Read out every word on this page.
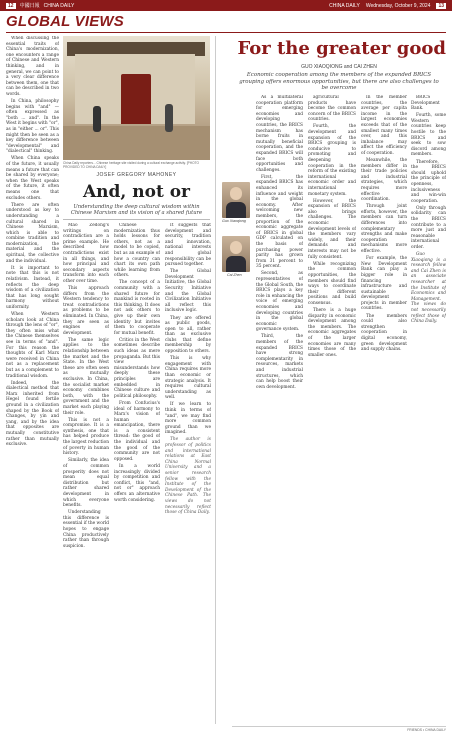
12	中國日報 CHINA DAILY	CHINA DAILY Wednesday, October 9, 2024	13
GLOBAL VIEWS

When discussing the essential traits of China's modernization, one encounters a range of Chinese and Western thinking, and in general, we can point to a very clear difference between them, one that can be described in two words.

In China, philosophy begins with "and" — often expressed as "both ... and". In the West it begins with "or", as in "either ... or". This might then be seen as a key difference between "developmental" and "dialectical" thinking.

When China speaks of the future, it usually means a future that can be shared by everyone; when the West speaks of the future, it often means one that excludes others.

There are often understood as key to understanding a cultural shared in Chinese Marxism, which is able to combine tradition and modernization, the material and the spiritual, the collective and the individual.

It is important to note that this is not relativism. Instead, it reflects the deep wisdom of a civilization that has long sought harmony without uniformity.

When Western scholars look at China through the lens of "or", they often miss what the Chinese themselves see in terms of "and". For this reason the thoughts of Karl Marx were received in China not as a replacement but as a complement to traditional wisdom.

Indeed, the dialectical method that Marx inherited from Hegel found fertile ground in a civilization shaped by the Book of Changes, by yin and yang, and by the idea that opposites are mutually constitutive rather than mutually exclusive.

China Daily reporters... Chinese heritage site visited during a cultural exchange activity. [PHOTO PROVIDED TO CHINA DAILY]
JOSEF GREGORY MAHONEY
And, not or
Understanding the deep cultural wisdom within Chinese Marxism and its vision of a shared future

Mao Zedong's writings on contradiction are a prime example. He described how contradictions exist in all things, and how principal and secondary aspects transform into each other over time.

This approach differs from the Western tendency to treat contradictions as problems to be eliminated. In China, they are seen as engines of development.

The same logic applies to the relationship between the market and the State. In the West these are often seen as mutually exclusive. In China, the socialist market economy combines both, with the government and the market each playing their role.

This is not a compromise. It is a synthesis, one that has helped produce the largest reduction of poverty in human history.

Similarly, the idea of common prosperity does not mean equal distribution but rather shared development in which everyone benefits.

Understanding this difference is essential if the world hopes to engage China productively rather than through suspicion.

Chinese modernization thus holds lessons for others, not as a model to be copied, but as an example of how a country can chart its own path while learning from others.

The concept of a community with a shared future for mankind is rooted in this thinking. It does not ask others to give up their own identity but invites them to cooperate for mutual benefit.

Critics in the West sometimes describe such ideas as mere propaganda. But this view misunderstands how deeply these principles are embedded in Chinese culture and political philosophy.

From Confucius's ideal of harmony to Marx's vision of human emancipation, there is a consistent thread: the good of the individual and the good of the community are not opposed.

In a world increasingly divided by competition and conflict, this "and, not or" approach offers an alternative worth considering.

It suggests that development and security, tradition and innovation, national interests and global responsibility can be pursued together.

The Global Development Initiative, the Global Security Initiative and the Global Civilization Initiative all reflect this inclusive logic.

They are offered as public goods, open to all, rather than as exclusive clubs that define membership by opposition to others.

This is why engagement with China requires more than economic or strategic analysis. It requires cultural understanding as well.

If we learn to think in terms of "and", we may find more common ground than we imagined.

The author is professor of politics and international relations at East China Normal University and a senior research fellow with the Institute of the Development of the Chinese Path. The views do not necessarily reflect those of China Daily.

For the greater good
GUO XIAOQIONG and CAI ZHEN
Economic cooperation among the members of the expanded BRICS grouping offers enormous opportunities, but there are also challenges to be overcome
Guo Xiaoqiong
Cai Zhen

As a multilateral cooperation platform for emerging economies and developing countries, the BRICS mechanism has borne fruits in mutually beneficial cooperation, and the expanded BRICS will face both opportunities and challenges.

First, the expanded BRICS has enhanced its influence and weight in the global economy. After welcoming new members, the proportion of the economic aggregate of BRICS in global GDP calculated on the basis of purchasing power parity has grown from 31 percent to 35 percent.

Second, as representatives of the Global South, the BRICS plays a key role in enhancing the voice of emerging economies and developing countries in the global economic governance system.

Third, the members of the expanded BRICS have strong complementarity in resources, markets and industrial structures, which can help boost their own development.

agricultural products have become the common concern of the BRICS countries.

Fourth, the development and expansion of the BRICS grouping is conducive to promoting and deepening cooperation in the reform of the existing international economic order and international monetary system.

However, the expansion of BRICS also brings challenges. The economic development levels of the members vary widely, and their demands and interests may not be fully consistent.

While recognizing the common opportunities, the members should find ways to coordinate their different positions and build consensus.

There is a huge disparity in economic development among the members. The economic aggregates of the larger economies are many times those of the smaller ones.

In the member countries, the average per capita income in the largest economies exceeds that of the smallest many times over, and this imbalance may affect the efficiency of cooperation.

Meanwhile, the members differ in their trade policies and industrial strategies, which requires more effective coordination.

Through joint efforts, however, the members can turn differences into complementary strengths and make cooperation mechanisms more effective.

For example, the New Development Bank can play a bigger role in financing infrastructure and sustainable development projects in member countries.

The members could also strengthen cooperation in digital economy, green development and supply chains.

BRICS Development Bank.

Fourth, some Western countries keep hostile to the BRICS and seek to sow discord among members.

Therefore, the BRICS should uphold the principle of openness, inclusiveness and win-win cooperation.

Only through solidarity can the BRICS contribute to a more just and reasonable international order.

Guo Xiaoqiong is a research fellow and Cai Zhen is an associate researcher at the Institute of Economics and Management. The views do not necessarily reflect those of China Daily.

FRIENDS • CHINA DAILY
